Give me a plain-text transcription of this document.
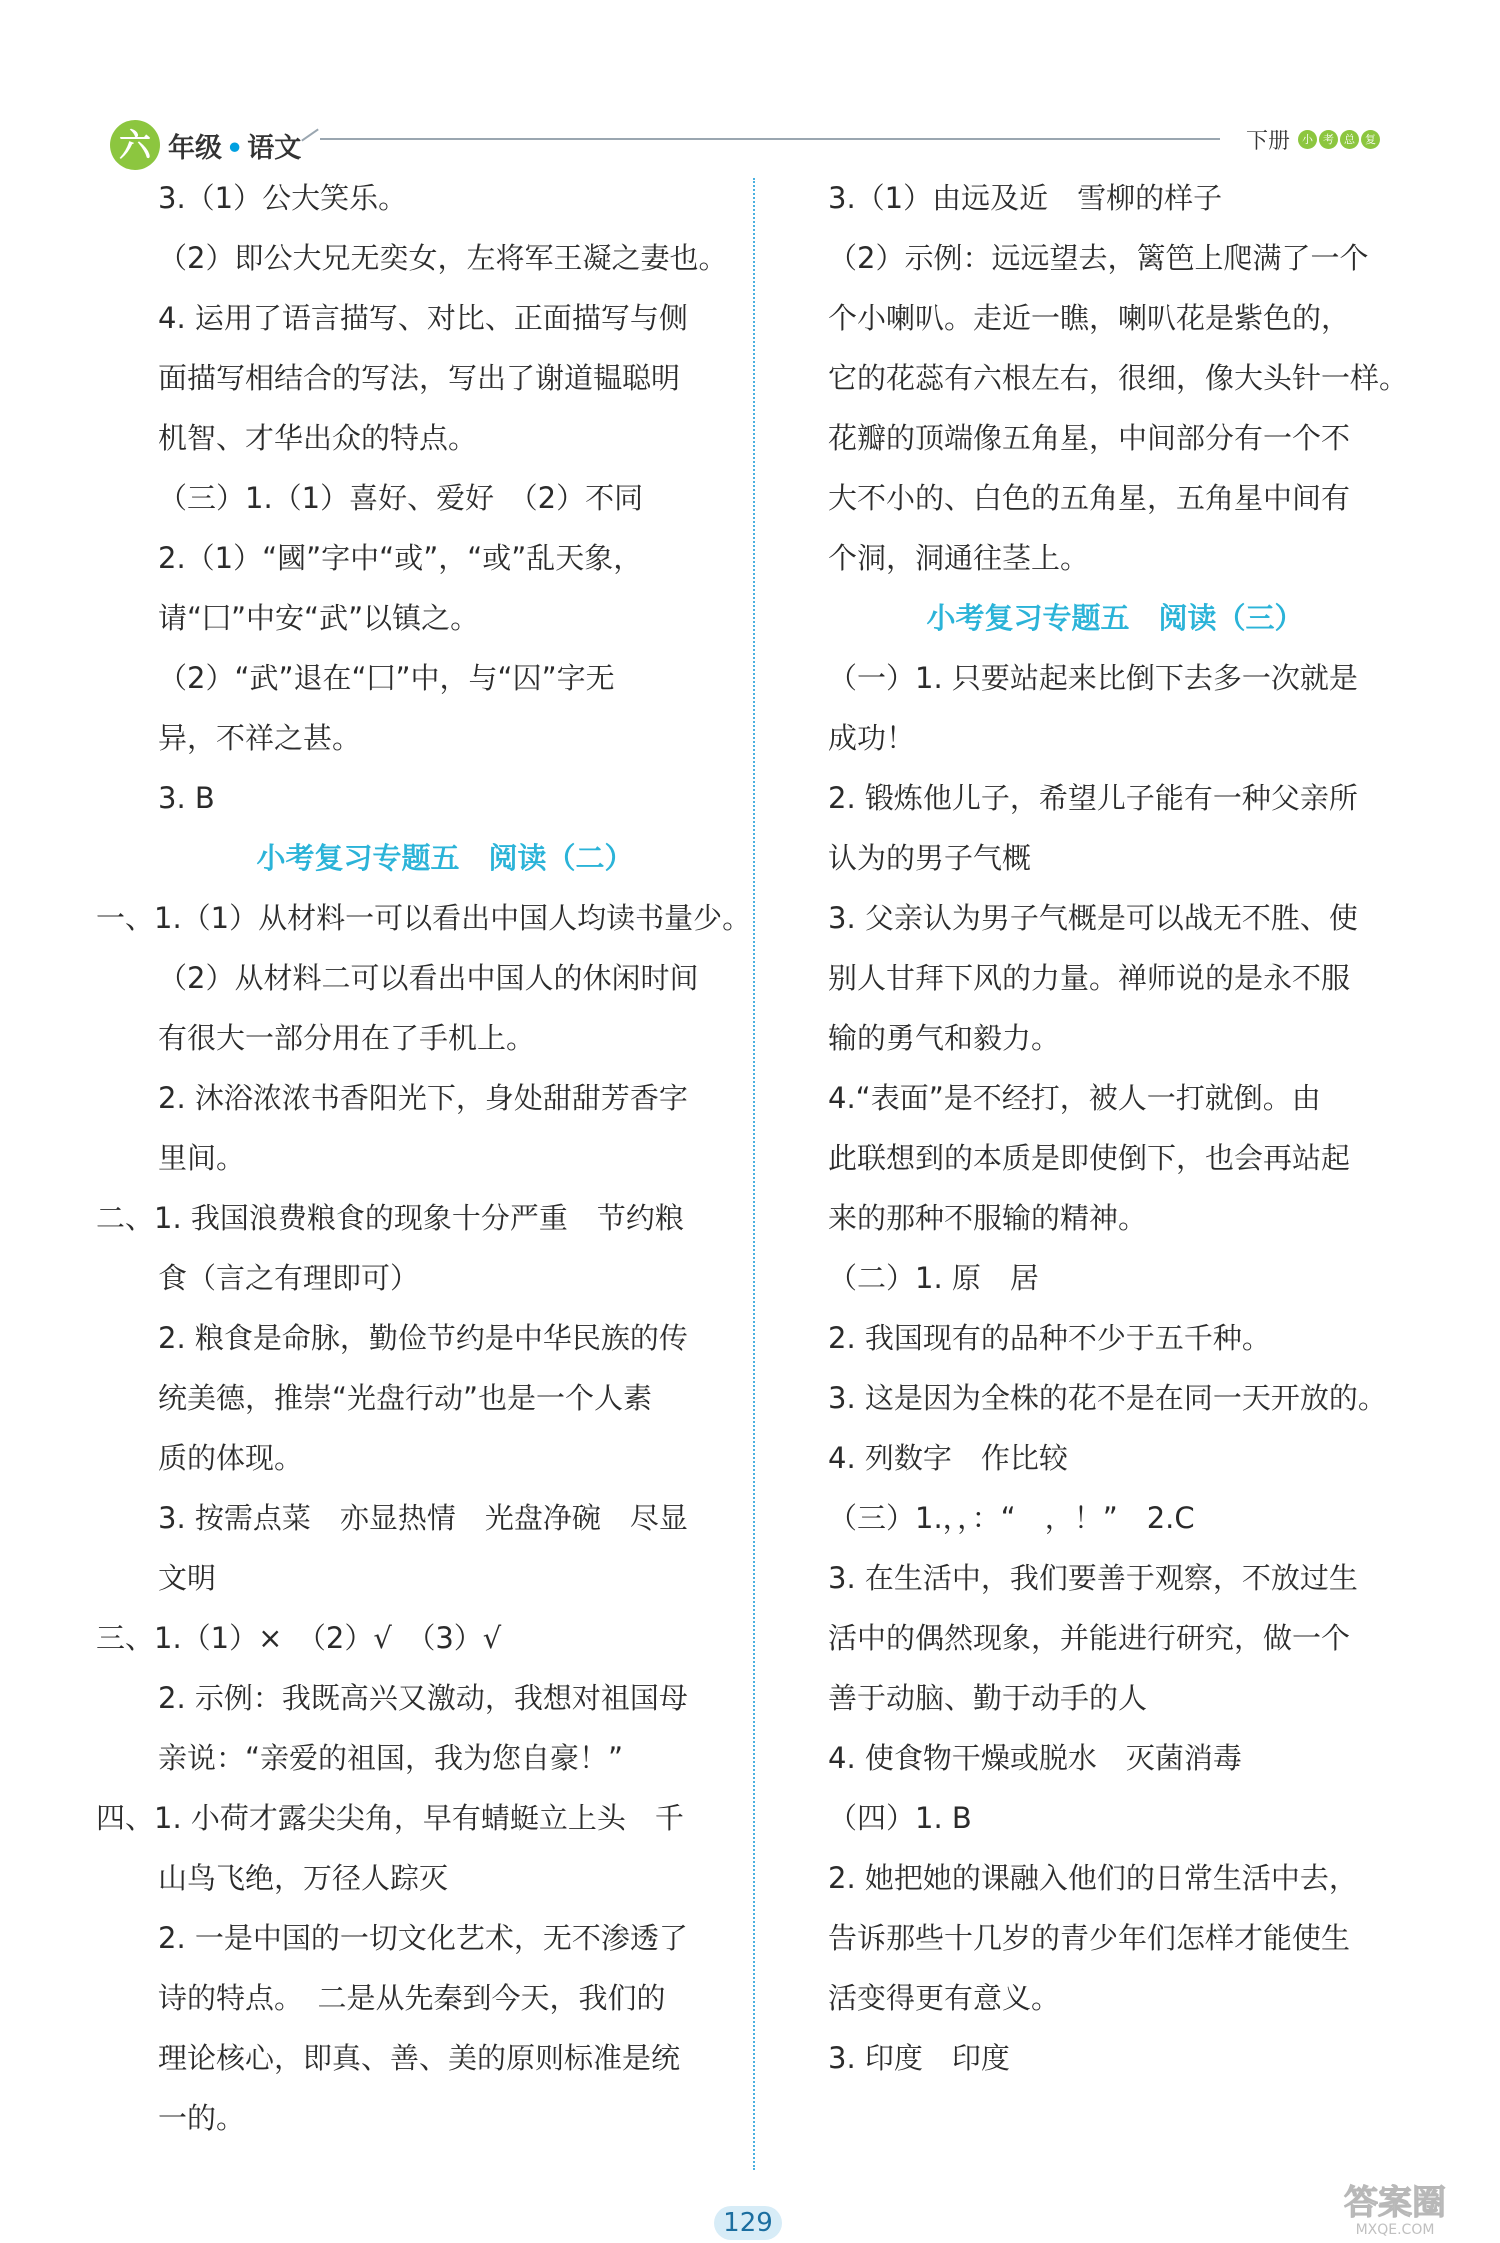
六 年级 • 语文	下册	小 考 总 复
3.（1）公大笑乐。
（2）即公大兄无奕女，左将军王凝之妻也。
4. 运用了语言描写、对比、正面描写与侧
面描写相结合的写法，写出了谢道韫聪明
机智、才华出众的特点。
（三）1.（1）喜好、爱好　（2）不同
2.（1）“國”字中“或”，“或”乱天象，
请“囗”中安“武”以镇之。
（2）“武”退在“囗”中，与“囚”字无
异，不祥之甚。
3. B
小考复习专题五　阅读（二）
一、1.（1）从材料一可以看出中国人均读书量少。
（2）从材料二可以看出中国人的休闲时间
有很大一部分用在了手机上。
2. 沐浴浓浓书香阳光下，身处甜甜芳香字
里间。
二、1. 我国浪费粮食的现象十分严重　节约粮
食（言之有理即可）
2. 粮食是命脉，勤俭节约是中华民族的传
统美德，推崇“光盘行动”也是一个人素
质的体现。
3. 按需点菜　亦显热情　光盘净碗　尽显
文明
三、1.（1）×　（2）√　（3）√
2. 示例：我既高兴又激动，我想对祖国母
亲说：“亲爱的祖国，我为您自豪！”
四、1. 小荷才露尖尖角，早有蜻蜓立上头　千
山鸟飞绝，万径人踪灭
2. 一是中国的一切文化艺术，无不渗透了
诗的特点。　二是从先秦到今天，我们的
理论核心，即真、善、美的原则标准是统
一的。
3.（1）由远及近　雪柳的样子
（2）示例：远远望去，篱笆上爬满了一个
个小喇叭。走近一瞧，喇叭花是紫色的，
它的花蕊有六根左右，很细，像大头针一样。
花瓣的顶端像五角星，中间部分有一个不
大不小的、白色的五角星，五角星中间有
个洞，洞通往茎上。
小考复习专题五　阅读（三）
（一）1. 只要站起来比倒下去多一次就是
成功！
2. 锻炼他儿子，希望儿子能有一种父亲所
认为的男子气概
3. 父亲认为男子气概是可以战无不胜、使
别人甘拜下风的力量。禅师说的是永不服
输的勇气和毅力。
4.“表面”是不经打，被人一打就倒。由
此联想到的本质是即使倒下，也会再站起
来的那种不服输的精神。
（二）1. 原　居
2. 我国现有的品种不少于五千种。
3. 这是因为全株的花不是在同一天开放的。
4. 列数字　作比较
（三）1.，，：“　，！”　2.C
3. 在生活中，我们要善于观察，不放过生
活中的偶然现象，并能进行研究，做一个
善于动脑、勤于动手的人
4. 使食物干燥或脱水　灭菌消毒
（四）1. B
2. 她把她的课融入他们的日常生活中去，
告诉那些十几岁的青少年们怎样才能使生
活变得更有意义。
3. 印度　印度
129	答案圈
MXQE.COM
